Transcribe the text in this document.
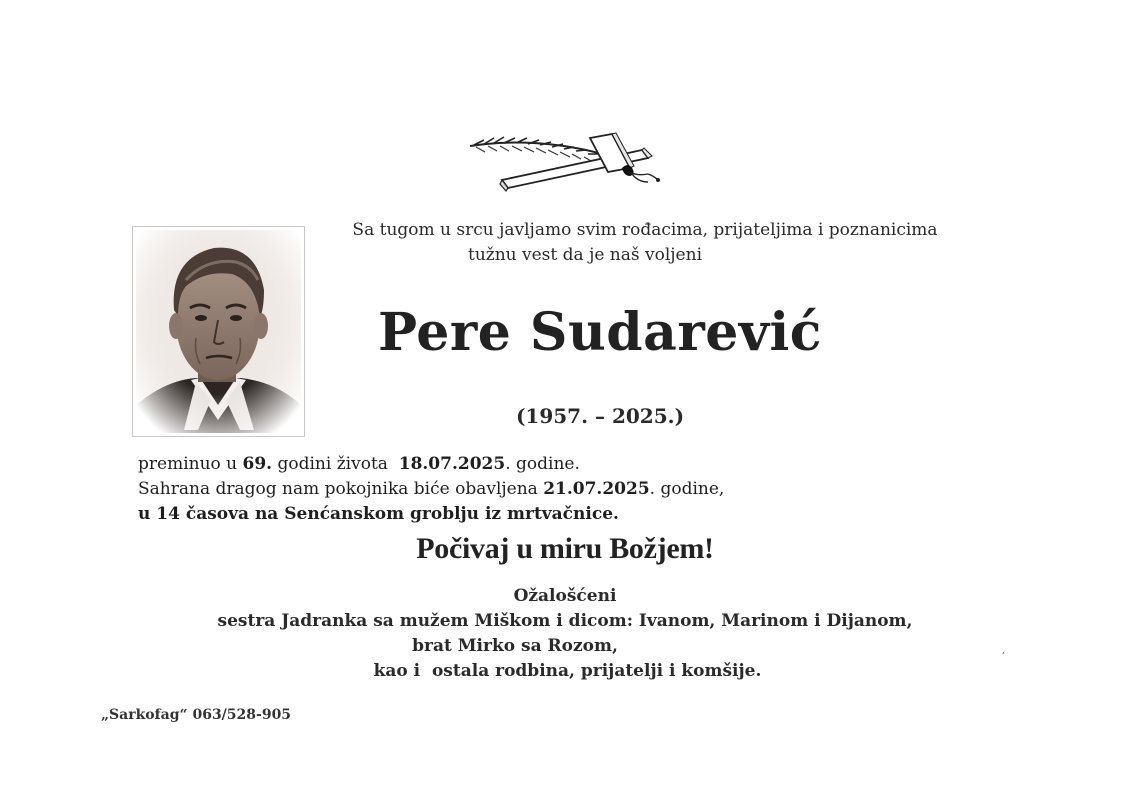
Sa tugom u srcu javljamo svim rođacima, prijateljima i poznanicima

tužnu vest da je naš voljeni
Pere Sudarević
(1957. – 2025.)
preminuo u 69. godini života  18.07.2025. godine.
Sahrana dragog nam pokojnika biće obavljena 21.07.2025. godine,
u 14 časova na Senćanskom groblju iz mrtvačnice.
Počivaj u miru Božjem!
Ožalošćeni
sestra Jadranka sa mužem Miškom i dicom: Ivanom, Marinom i Dijanom,
brat Mirko sa Rozom,
kao i  ostala rodbina, prijatelji i komšije.
,
„Sarkofag“ 063/528-905
